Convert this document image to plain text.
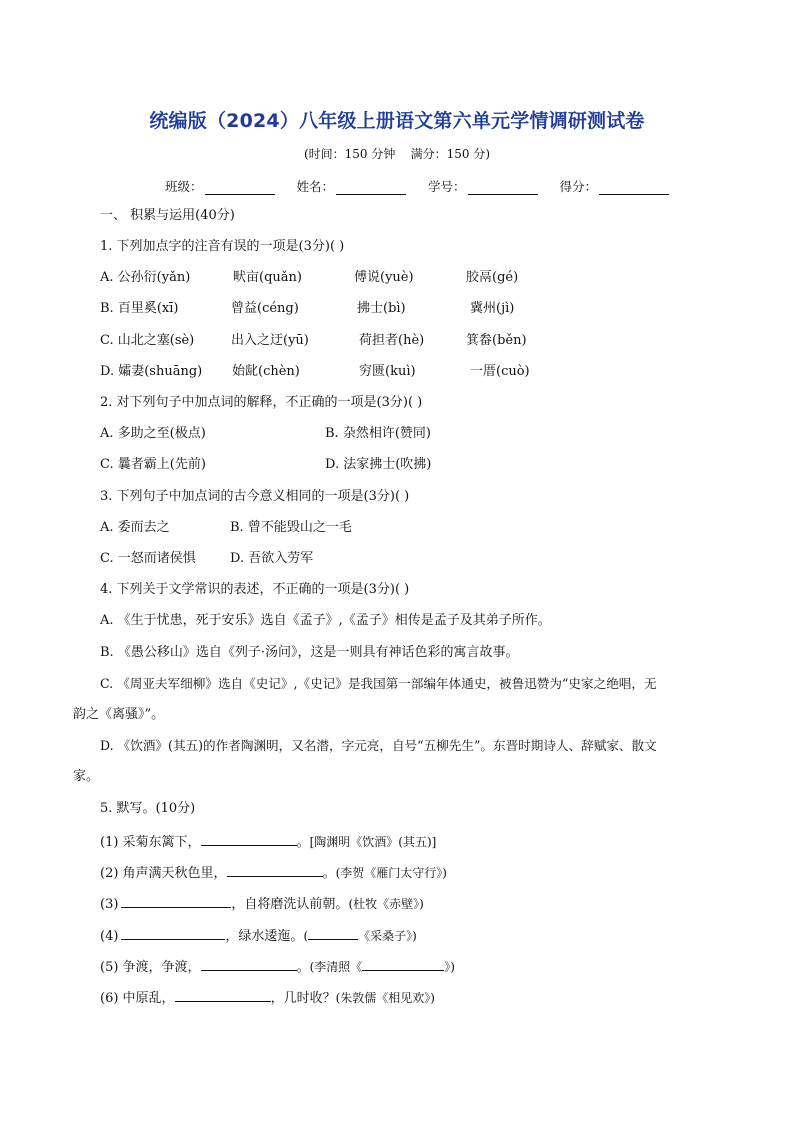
统编版（2024）八年级上册语文第六单元学情调研测试卷
(时间：150 分钟    满分：150 分)
班级：	姓名：	学号：	得分：
一、 积累与运用(40分)
1. 下列加点字的注音有误的一项是(3分)( )
A. 公孙衍(yǎn)	畎亩(quǎn)	傅说(yuè)	胶鬲(gé)
B. 百里奚(xī)	曾益(céng)	拂士(bì)	冀州(jì)
C. 山北之塞(sè)	出入之迂(yū)	荷担者(hè)	箕畚(běn)
D. 孀妻(shuāng) 始龀(chèn)	穷匮(kuì)	一厝(cuò)
2. 对下列句子中加点词的解释，不正确的一项是(3分)( )
A. 多助之至(极点)	B. 杂然相许(赞同)
C. 曩者霸上(先前)	D. 法家拂士(吹拂)
3. 下列句子中加点词的古今意义相同的一项是(3分)( )
A. 委而去之	B. 曾不能毁山之一毛
C. 一怒而诸侯惧	D. 吾欲入劳军
4. 下列关于文学常识的表述，不正确的一项是(3分)( )
A. 《生于忧患，死于安乐》选自《孟子》,《孟子》相传是孟子及其弟子所作。
B. 《愚公移山》选自《列子·汤问》，这是一则具有神话色彩的寓言故事。
C. 《周亚夫军细柳》选自《史记》,《史记》是我国第一部编年体通史，被鲁迅赞为“史家之绝唱，无
韵之《离骚》”。
D. 《饮酒》(其五)的作者陶渊明，又名潜，字元亮，自号“五柳先生”。东晋时期诗人、辞赋家、散文
家。
5. 默写。(10分)
(1) 采菊东篱下，	。[陶渊明《饮酒》(其五)]
(2) 角声满天秋色里，	。(李贺《雁门太守行》)
(3)	，自将磨洗认前朝。(杜牧《赤壁》)
(4)	，绿水逶迤。(	《采桑子》)
(5) 争渡，争渡，	。(李清照《	》)
(6) 中原乱，	，几时收？(朱敦儒《相见欢》)
